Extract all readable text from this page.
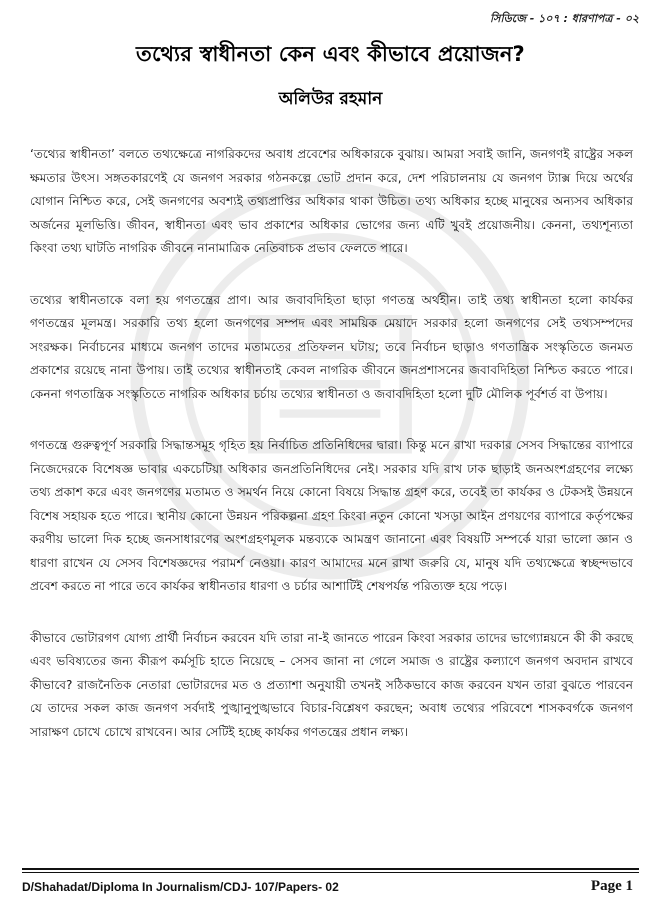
সিডিজে - ১০৭ : ধারণাপত্র - ০২
তথ্যের স্বাধীনতা কেন এবং কীভাবে প্রয়োজন?
অলিউর রহমান

‘তথ্যের স্বাধীনতা’ বলতে তথ্যক্ষেত্রে নাগরিকদের অবাধ প্রবেশের অধিকারকে বুঝায়। আমরা সবাই জানি, জনগণই রাষ্ট্রের সকল ক্ষমতার উৎস। সঙ্গতকারণেই যে জনগণ সরকার গঠনকল্পে ভোট প্রদান করে, দেশ পরিচালনায় যে জনগণ ট্যাক্স দিয়ে অর্থের যোগান নিশ্চিত করে, সেই জনগণের অবশ্যই তথ্যপ্রাপ্তির অধিকার থাকা উচিত। তথ্য অধিকার হচ্ছে মানুষের অন্যসব অধিকার অর্জনের মূলভিত্তি। জীবন, স্বাধীনতা এবং ভাব প্রকাশের অধিকার ভোগের জন্য এটি খুবই প্রয়োজনীয়। কেননা, তথ্যশূন্যতা কিংবা তথ্য ঘাটতি নাগরিক জীবনে নানামাত্রিক নেতিবাচক প্রভাব ফেলতে পারে।

তথ্যের স্বাধীনতাকে বলা হয় গণতন্ত্রের প্রাণ। আর জবাবদিহিতা ছাড়া গণতন্ত্র অর্থহীন। তাই তথ্য স্বাধীনতা হলো কার্যকর গণতন্ত্রের মূলমন্ত্র। সরকারি তথ্য হলো জনগণের সম্পদ এবং সাময়িক মেয়াদে সরকার হলো জনগণের সেই তথ্যসম্পদের সংরক্ষক। নির্বাচনের মাধ্যমে জনগণ তাদের মতামতের প্রতিফলন ঘটায়; তবে নির্বাচন ছাড়াও গণতান্ত্রিক সংস্কৃতিতে জনমত প্রকাশের রয়েছে নানা উপায়। তাই তথ্যের স্বাধীনতাই কেবল নাগরিক জীবনে জনপ্রশাসনের জবাবদিহিতা নিশ্চিত করতে পারে। কেননা গণতান্ত্রিক সংস্কৃতিতে নাগরিক অধিকার চর্চায় তথ্যের স্বাধীনতা ও জবাবদিহিতা হলো দুটি মৌলিক পূর্বশর্ত বা উপায়।

গণতন্ত্রে গুরুত্বপূর্ণ সরকারি সিদ্ধান্তসমূহ গৃহিত হয় নির্বাচিত প্রতিনিধিদের দ্বারা। কিন্তু মনে রাখা দরকার সেসব সিদ্ধান্তের ব্যাপারে নিজেদেরকে বিশেষজ্ঞ ভাবার একচেটিয়া অধিকার জনপ্রতিনিধিদের নেই। সরকার যদি রাখ ঢাক ছাড়াই জনঅংশগ্রহণের লক্ষ্যে তথ্য প্রকাশ করে এবং জনগণের মতামত ও সমর্থন নিয়ে কোনো বিষয়ে সিদ্ধান্ত গ্রহণ করে, তবেই তা কার্যকর ও টেকসই উন্নয়নে বিশেষ সহায়ক হতে পারে। স্থানীয় কোনো উন্নয়ন পরিকল্পনা গ্রহণ কিংবা নতুন কোনো খসড়া আইন প্রণয়ণের ব্যাপারে কর্তৃপক্ষের করণীয় ভালো দিক হচ্ছে জনসাধারণের অংশগ্রহণমূলক মন্তব্যকে আমন্ত্রণ জানানো এবং বিষয়টি সম্পর্কে যারা ভালো জ্ঞান ও ধারণা রাখেন যে সেসব বিশেষজ্ঞদের পরামর্শ নেওয়া। কারণ আমাদের মনে রাখা জরুরি যে, মানুষ যদি তথ্যক্ষেত্রে স্বচ্ছন্দভাবে প্রবেশ করতে না পারে তবে কার্যকর স্বাধীনতার ধারণা ও চর্চার আশাটিই শেষপর্যন্ত পরিত্যক্ত হয়ে পড়ে।

কীভাবে ভোটারগণ যোগ্য প্রার্থী নির্বাচন করবেন যদি তারা না-ই জানতে পারেন কিংবা সরকার তাদের ভাগ্যোন্নয়নে কী কী করছে এবং ভবিষ্যতের জন্য কীরূপ কর্মসূচি হাতে নিয়েছে – সেসব জানা না গেলে সমাজ ও রাষ্ট্রের কল্যাণে জনগণ অবদান রাখবে কীভাবে? রাজনৈতিক নেতারা ভোটারদের মত ও প্রত্যাশা অনুযায়ী তখনই সঠিকভাবে কাজ করবেন যখন তারা বুঝতে পারবেন যে তাদের সকল কাজ জনগণ সর্বদাই পুঙ্খানুপুঙ্খভাবে বিচার-বিশ্লেষণ করছেন; অবাধ তথ্যের পরিবেশে শাসকবর্গকে জনগণ সারাক্ষণ চোখে চোখে রাখবেন। আর সেটিই হচ্ছে কার্যকর গণতন্ত্রের প্রধান লক্ষ্য।

D/Shahadat/Diploma In Journalism/CDJ- 107/Papers- 02	Page 1
